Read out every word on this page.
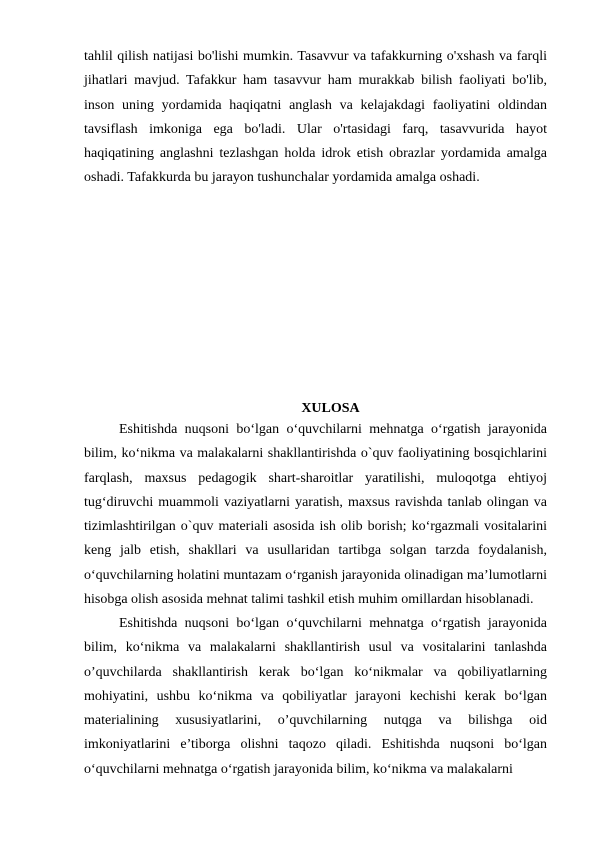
tahlil qilish natijasi bo'lishi mumkin. Tasavvur va tafakkurning o'xshash va farqli jihatlari mavjud. Tafakkur ham tasavvur ham murakkab bilish faoliyati bo'lib, inson uning yordamida haqiqatni anglash va kelajakdagi faoliyatini oldindan tavsiflash imkoniga ega bo'ladi. Ular o'rtasidagi farq, tasavvurida hayot haqiqatining anglashni tezlashgan holda idrok etish obrazlar yordamida amalga oshadi. Tafakkurda bu jarayon tushunchalar yordamida amalga oshadi.

XULOSA

Eshitishda nuqsoni bo‘lgan o‘quvchilarni mehnatga o‘rgatish jarayonida bilim, ko‘nikma va malakalarni shakllantirishda o`quv faoliyatining bosqichlarini farqlash, maxsus pedagogik shart-sharoitlar yaratilishi, muloqotga ehtiyoj tug‘diruvchi muammoli vaziyatlarni yaratish, maxsus ravishda tanlab olingan va tizimlashtirilgan o`quv materiali asosida ish olib borish; ko‘rgazmali vositalarini keng jalb etish, shakllari va usullaridan tartibga solgan tarzda foydalanish, o‘quvchilarning holatini muntazam o‘rganish jarayonida olinadigan ma’lumotlarni hisobga olish asosida mehnat talimi tashkil etish muhim omillardan hisoblanadi.

Eshitishda nuqsoni bo‘lgan o‘quvchilarni mehnatga o‘rgatish jarayonida bilim, ko‘nikma va malakalarni shakllantirish usul va vositalarini tanlashda o’quvchilarda shakllantirish kerak bo‘lgan ko‘nikmalar va qobiliyatlarning mohiyatini, ushbu ko‘nikma va qobiliyatlar jarayoni kechishi kerak bo‘lgan materialining xususiyatlarini, o’quvchilarning nutqga va bilishga oid imkoniyatlarini e’tiborga olishni taqozo qiladi. Eshitishda nuqsoni bo‘lgan o‘quvchilarni mehnatga o‘rgatish jarayonida bilim, ko‘nikma va malakalarni
